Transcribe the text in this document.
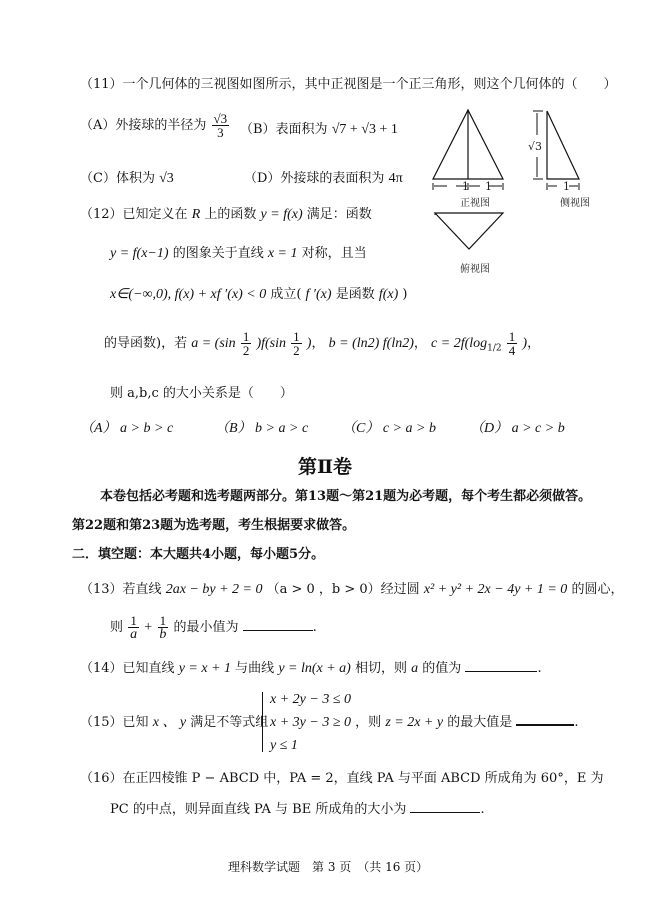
（11）一个几何体的三视图如图所示，其中正视图是一个正三角形，则这个几何体的（　　）
（A）外接球的半径为 $\frac{√3}{3} (B)$表面积为 √7 + √3 + 1
（C）体积为 √3	（D）外接球的表面积为 4π
1 1	1
√3
正视图	侧视图
俯视图
（12）已知定义在 R 上的函数 y = f(x) 满足：函数
y = f(x−1) 的图象关于直线 x = 1 对称，且当
x∈(−∞,0), f(x) + xf ′(x) < 0 成立( f ′(x) 是函数 f(x) )
的导函数)，若 $a = (\sin \frac{1}{2} )f(\sin \frac{1}{2}$ )， b = (ln2) f(ln2)， $c = 2f(\log_{1/2} \frac{1}{4}$ )，
则 a,b,c 的大小关系是（　　）
（A） a > b > c	（B） b > a > c （C） c > a > b （D） a > c > b
第Ⅱ卷
本卷包括必考题和选考题两部分。第13题～第21题为必考题，每个考生都必须做答。
第22题和第23题为选考题，考生根据要求做答。
二．填空题：本大题共4小题，每小题5分。
（13）若直线 2ax − by + 2 = 0 （a > 0 ，b > 0）经过圆 x² + y² + 2x − 4y + 1 = 0 的圆心，
则 $\frac{1}{a} + \frac{1}{b}$ 的最小值为	.
（14）已知直线 y = x + 1 与曲线 y = ln(x + a) 相切，则 a 的值为	.
（15）已知 x 、 y 满足不等式组
x + 2y − 3 ≤ 0
x + 3y − 3 ≥ 0 ，则 z = 2x + y 的最大值是	.
y ≤ 1
（16）在正四棱锥 P − ABCD 中，PA = 2，直线 PA 与平面 ABCD 所成角为 60°，E 为
PC 的中点，则异面直线 PA 与 BE 所成角的大小为	.
理科数学试题　第 3 页　（共 16 页）
